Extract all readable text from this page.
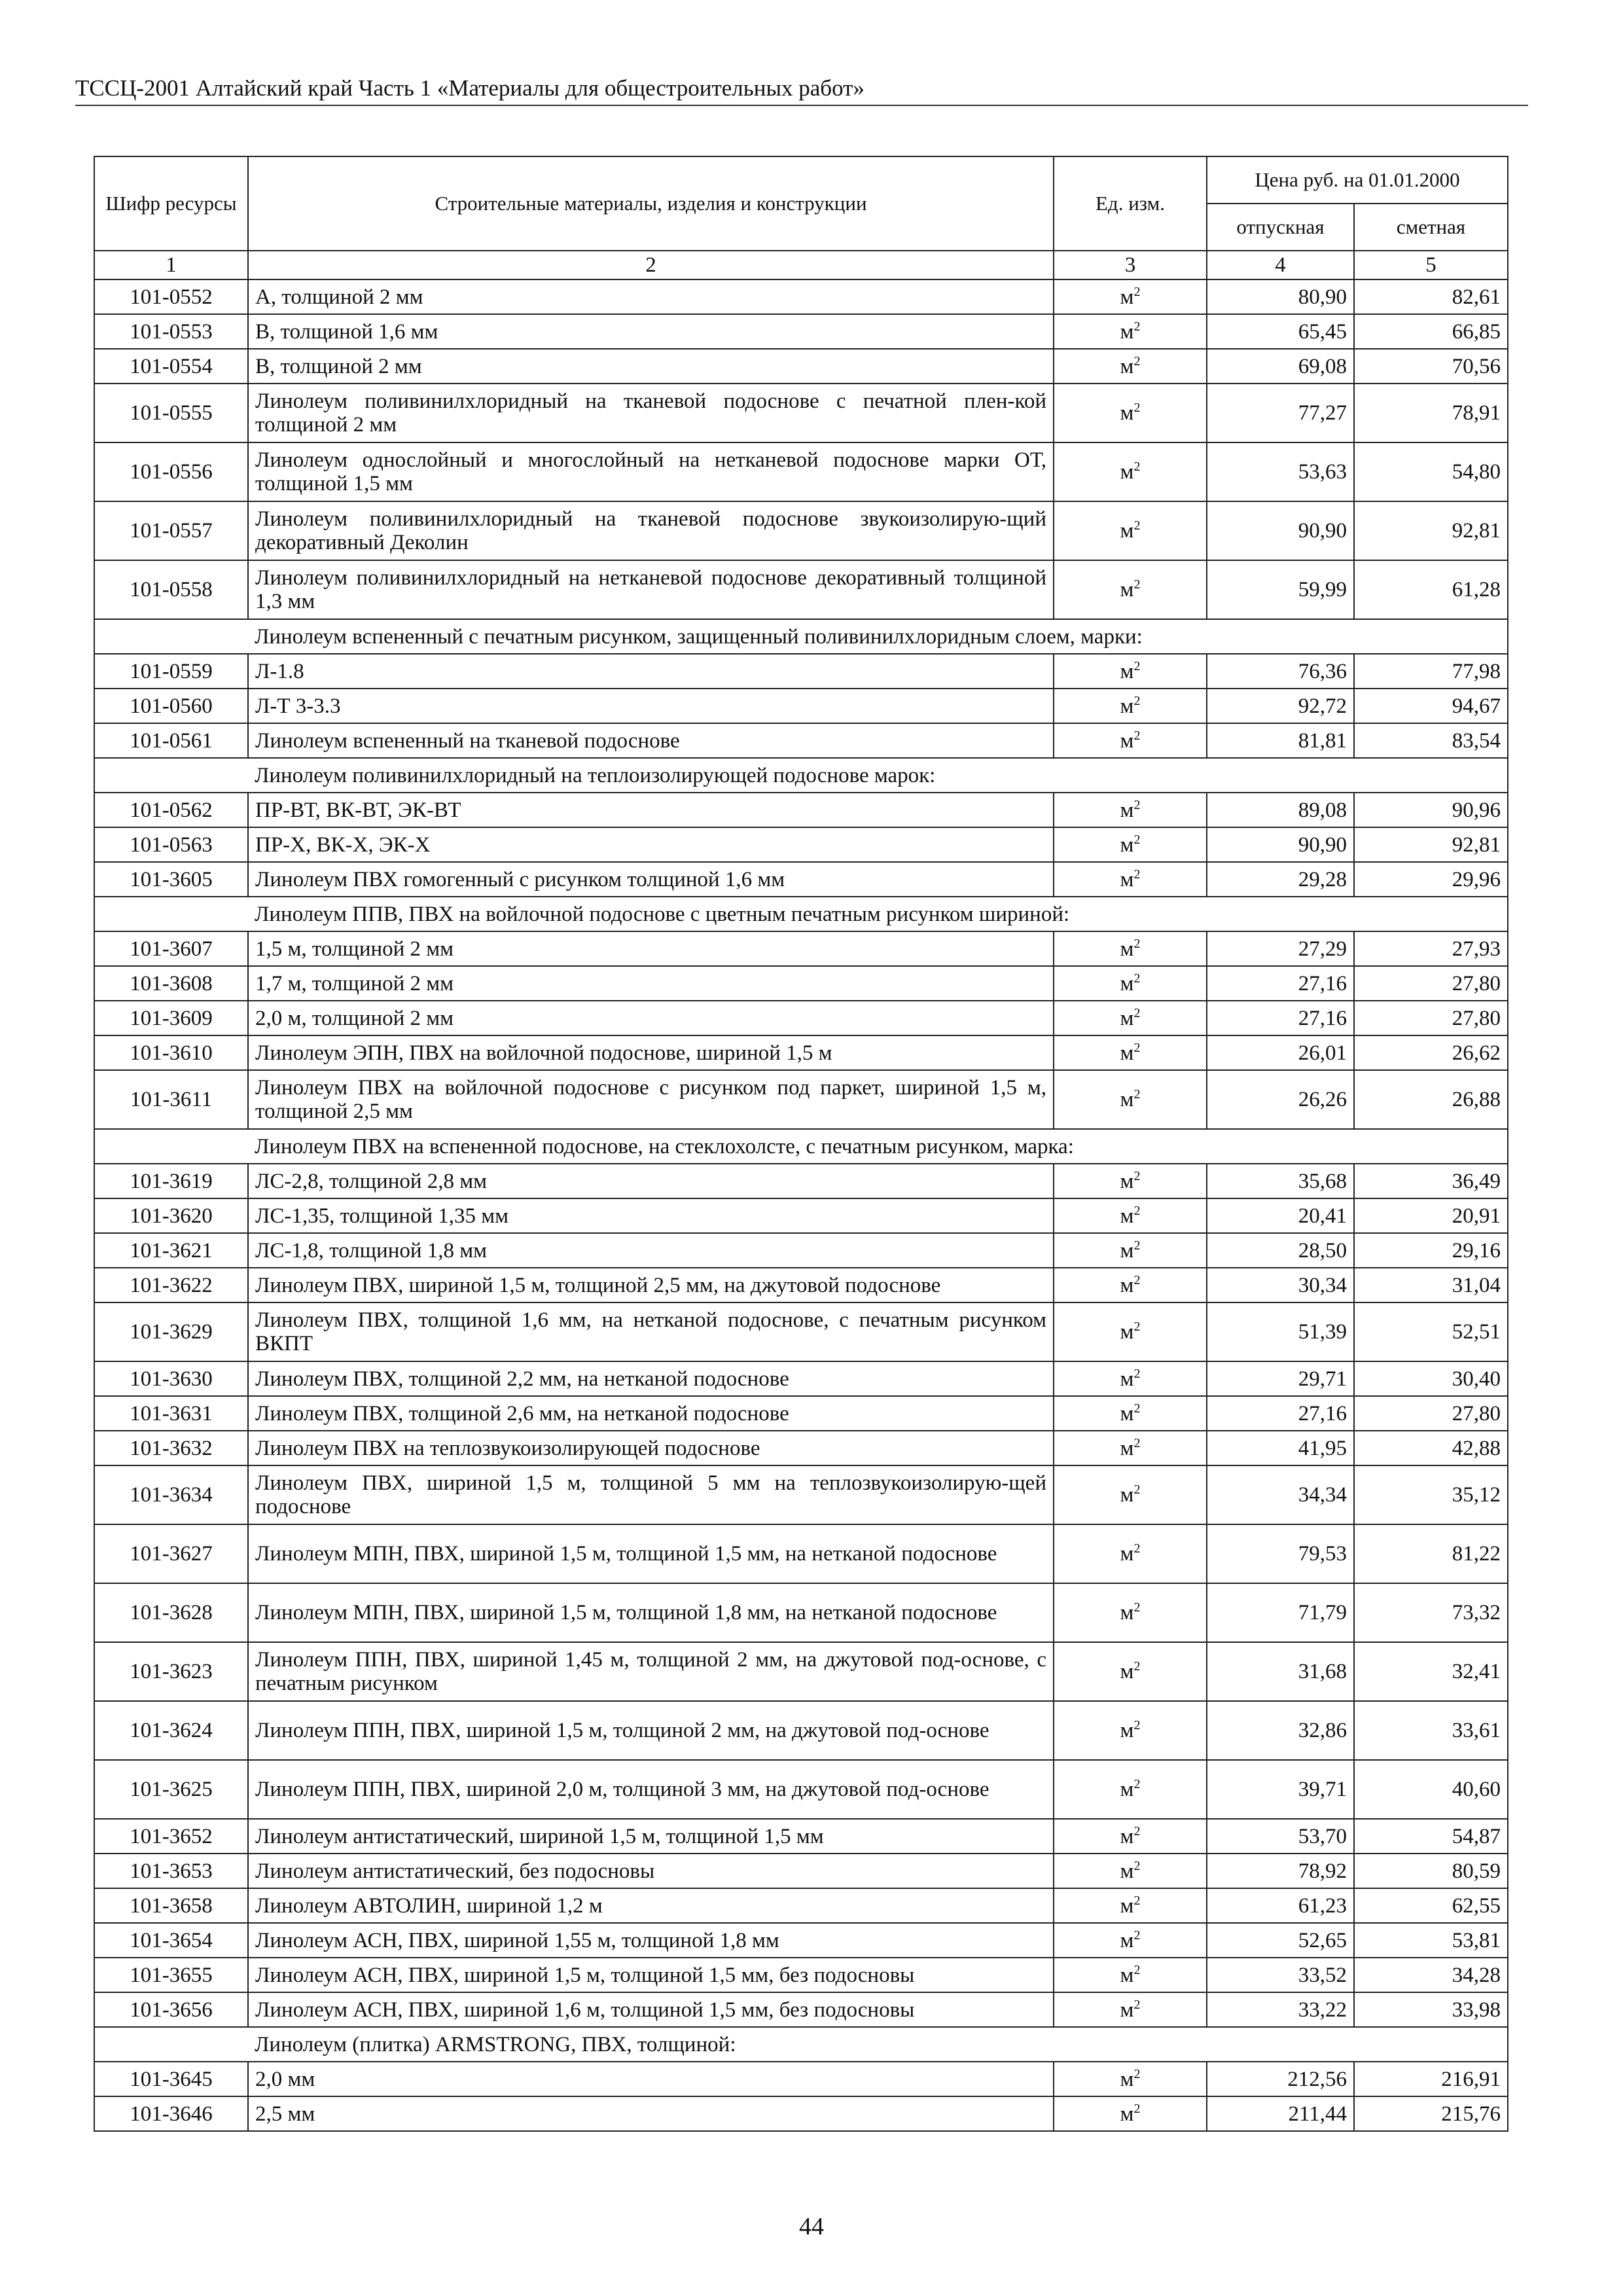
ТССЦ-2001 Алтайский край Часть 1 «Материалы для общестроительных работ»
Шифр ресурсы	Строительные материалы, изделия и конструкции	Ед. изм.	Цена руб. на 01.01.2000	
			отпускная	сметная
1	2	3	4	5
101-0552	А, толщиной 2 мм	$м^2$	80,90	82,61
101-0553	В, толщиной 1,6 мм	$м^2$	65,45	66,85
101-0554	В, толщиной 2 мм	$м^2$	69,08	70,56
101-0555	Линолеум поливинилхлоридный на тканевой подоснове с печатной плен-кой толщиной 2 мм	$м^2$	77,27	78,91
101-0556	Линолеум однослойный и многослойный на нетканевой подоснове марки ОТ, толщиной 1,5 мм	$м^2$	53,63	54,80
101-0557	Линолеум поливинилхлоридный на тканевой подоснове звукоизолирую-щий декоративный Деколин	$м^2$	90,90	92,81
101-0558	Линолеум поливинилхлоридный на нетканевой подоснове декоративный толщиной 1,3 мм	$м^2$	59,99	61,28
	Линолеум вспененный с печатным рисунком, защищенный поливинилхлоридным слоем, марки:			
101-0559	Л-1.8	$м^2$	76,36	77,98
101-0560	Л-Т 3-3.3	$м^2$	92,72	94,67
101-0561	Линолеум вспененный на тканевой подоснове	$м^2$	81,81	83,54
	Линолеум поливинилхлоридный на теплоизолирующей подоснове марок:			
101-0562	ПР-ВТ, ВК-ВТ, ЭК-ВТ	$м^2$	89,08	90,96
101-0563	ПР-Х, ВК-Х, ЭК-Х	$м^2$	90,90	92,81
101-3605	Линолеум ПВХ гомогенный с рисунком толщиной 1,6 мм	$м^2$	29,28	29,96
	Линолеум ППВ, ПВХ на войлочной подоснове с цветным печатным рисунком шириной:			
101-3607	1,5 м, толщиной 2 мм	$м^2$	27,29	27,93
101-3608	1,7 м, толщиной 2 мм	$м^2$	27,16	27,80
101-3609	2,0 м, толщиной 2 мм	$м^2$	27,16	27,80
101-3610	Линолеум ЭПН, ПВХ на войлочной подоснове, шириной 1,5 м	$м^2$	26,01	26,62
101-3611	Линолеум ПВХ на войлочной подоснове с рисунком под паркет, шириной 1,5 м, толщиной 2,5 мм	$м^2$	26,26	26,88
	Линолеум ПВХ на вспененной подоснове, на стеклохолсте, с печатным рисунком, марка:			
101-3619	ЛС-2,8, толщиной 2,8 мм	$м^2$	35,68	36,49
101-3620	ЛС-1,35, толщиной 1,35 мм	$м^2$	20,41	20,91
101-3621	ЛС-1,8, толщиной 1,8 мм	$м^2$	28,50	29,16
101-3622	Линолеум ПВХ, шириной 1,5 м, толщиной 2,5 мм, на джутовой подоснове	$м^2$	30,34	31,04
101-3629	Линолеум ПВХ, толщиной 1,6 мм, на нетканой подоснове, с печатным рисунком ВКПТ	$м^2$	51,39	52,51
101-3630	Линолеум ПВХ, толщиной 2,2 мм, на нетканой подоснове	$м^2$	29,71	30,40
101-3631	Линолеум ПВХ, толщиной 2,6 мм, на нетканой подоснове	$м^2$	27,16	27,80
101-3632	Линолеум ПВХ на теплозвукоизолирующей подоснове	$м^2$	41,95	42,88
101-3634	Линолеум ПВХ, шириной 1,5 м, толщиной 5 мм на теплозвукоизолирую-щей подоснове	$м^2$	34,34	35,12
101-3627	Линолеум МПН, ПВХ, шириной 1,5 м, толщиной 1,5 мм, на нетканой подоснове	$м^2$	79,53	81,22
101-3628	Линолеум МПН, ПВХ, шириной 1,5 м, толщиной 1,8 мм, на нетканой подоснове	$м^2$	71,79	73,32
101-3623	Линолеум ППН, ПВХ, шириной 1,45 м, толщиной 2 мм, на джутовой под-основе, с печатным рисунком	$м^2$	31,68	32,41
101-3624	Линолеум ППН, ПВХ, шириной 1,5 м, толщиной 2 мм, на джутовой под-основе	$м^2$	32,86	33,61
101-3625	Линолеум ППН, ПВХ, шириной 2,0 м, толщиной 3 мм, на джутовой под-основе	$м^2$	39,71	40,60
101-3652	Линолеум антистатический, шириной 1,5 м, толщиной 1,5 мм	$м^2$	53,70	54,87
101-3653	Линолеум антистатический, без подосновы	$м^2$	78,92	80,59
101-3658	Линолеум АВТОЛИН, шириной 1,2 м	$м^2$	61,23	62,55
101-3654	Линолеум АСН, ПВХ, шириной 1,55 м, толщиной 1,8 мм	$м^2$	52,65	53,81
101-3655	Линолеум АСН, ПВХ, шириной 1,5 м, толщиной 1,5 мм, без подосновы	$м^2$	33,52	34,28
101-3656	Линолеум АСН, ПВХ, шириной 1,6 м, толщиной 1,5 мм, без подосновы	$м^2$	33,22	33,98
	Линолеум (плитка) ARMSTRONG, ПВХ, толщиной:			
101-3645	2,0 мм	$м^2$	212,56	216,91
101-3646	2,5 мм	$м^2$	211,44	215,76
44
